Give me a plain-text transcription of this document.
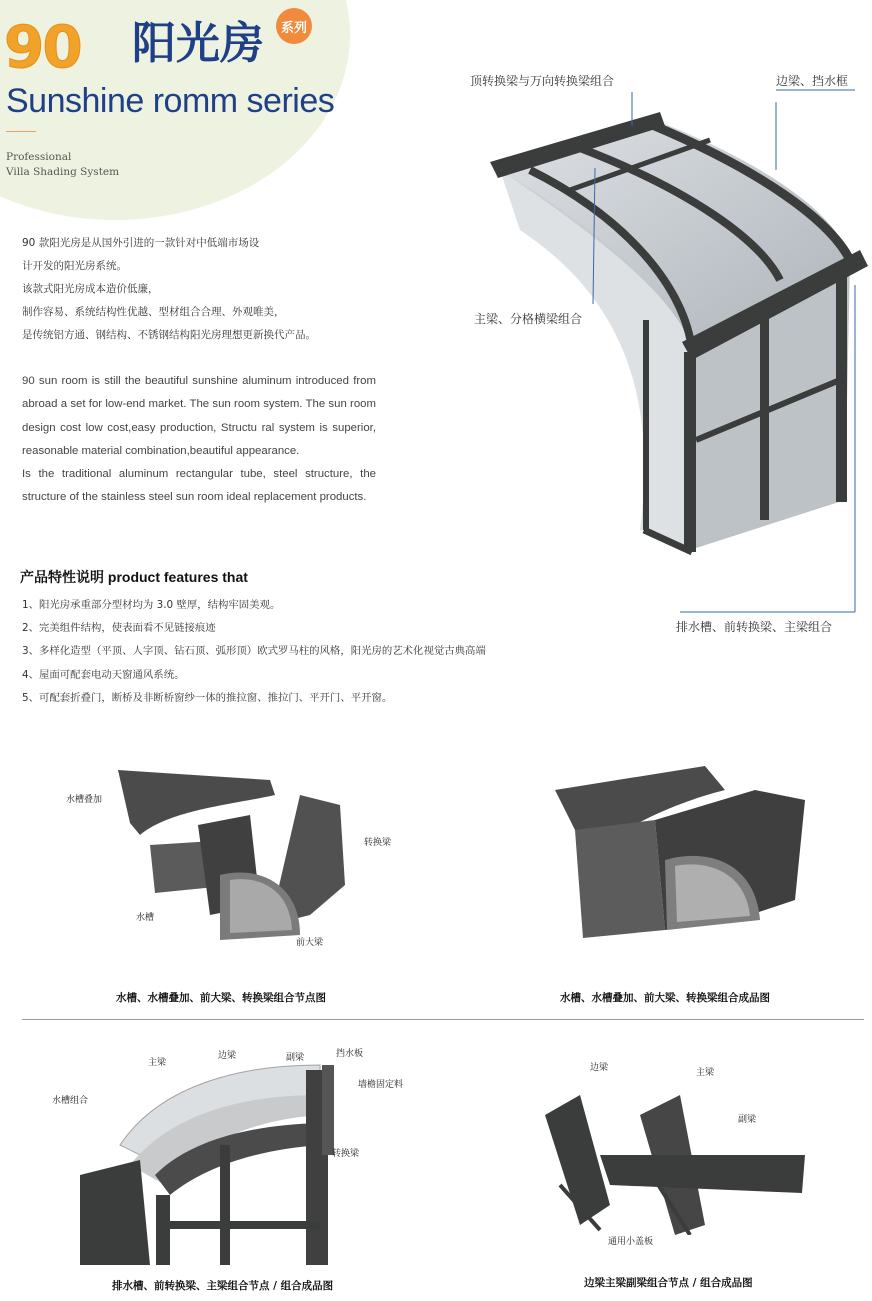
90 阳光房	系列
Sunshine romm series
Professional
Villa Shading System
90 款阳光房是从国外引进的一款针对中低端市场设
计开发的阳光房系统。
该款式阳光房成本造价低廉，
制作容易、系统结构性优越、型材组合合理、外观唯美，
是传统铝方通、钢结构、不锈钢结构阳光房理想更新换代产品。
90 sun room is still the beautiful sunshine aluminum introduced from abroad a set for low-end market. The sun room system. The sun room design cost low cost,easy production, Structu ral system is superior, reasonable material combination,beautiful appearance.
Is the traditional aluminum rectangular tube, steel structure, the structure of the stainless steel sun room ideal replacement products.
产品特性说明 product features that
1、阳光房承重部分型材均为 3.0 壁厚，结构牢固美观。
2、完美组件结构，使表面看不见链接痕迹
3、多样化造型（平顶、人字顶、钻石顶、弧形顶）欧式罗马柱的风格，阳光房的艺术化视觉古典高端
4、屋面可配套电动天窗通风系统。
5、可配套折叠门，断桥及非断桥窗纱一体的推拉窗、推拉门、平开门、平开窗。
顶转换梁与万向转换梁组合	边梁、挡水框
主梁、分格横梁组合
排水槽、前转换梁、主梁组合
水槽叠加
转换梁
水槽
前大梁
水槽、水槽叠加、前大梁、转换梁组合节点图	水槽、水槽叠加、前大梁、转换梁组合成品图
主梁
边梁	副梁	挡水板
墙檐固定料
水槽组合
转换梁
排水槽、前转换梁、主梁组合节点 / 组合成品图
边梁	主梁
副梁
通用小盖板
边梁主梁副梁组合节点 / 组合成品图
